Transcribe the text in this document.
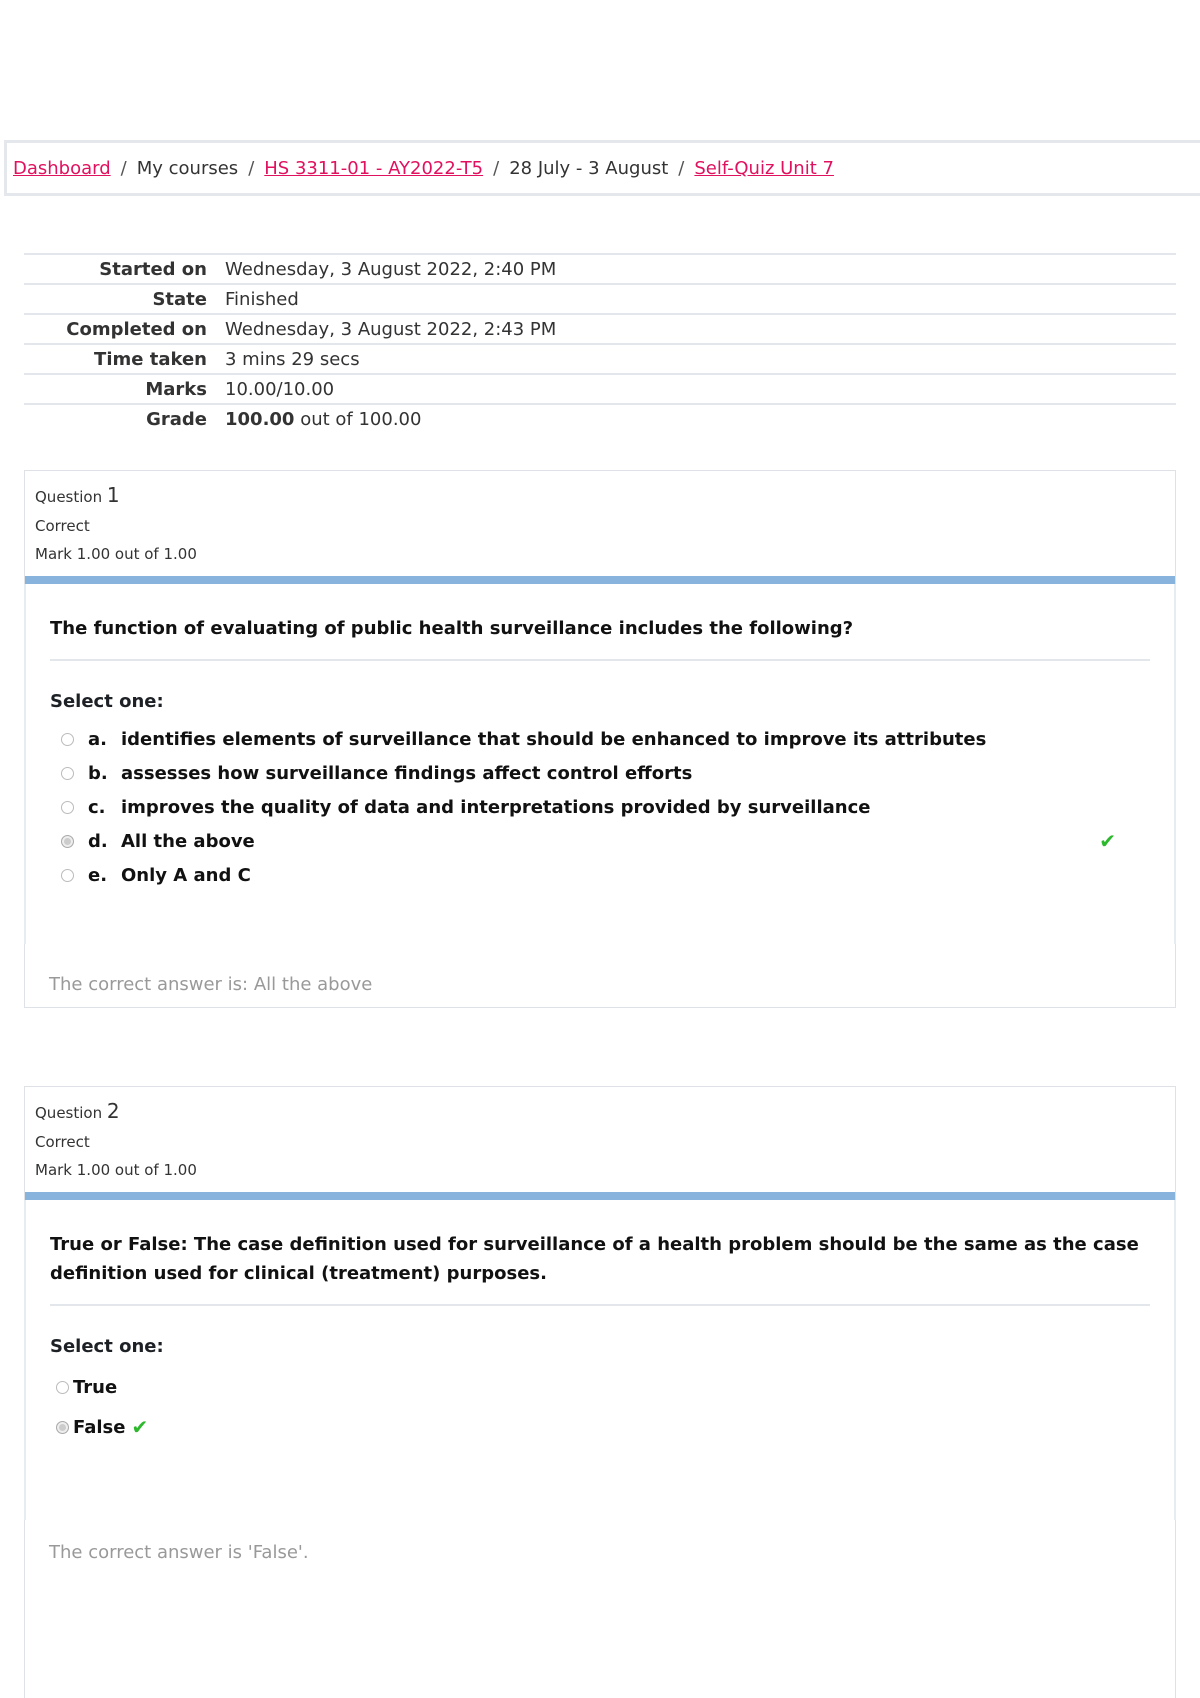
Dashboard / My courses / HS 3311-01 - AY2022-T5 / 28 July - 3 August / Self-Quiz Unit 7
Started on	Wednesday, 3 August 2022, 2:40 PM
State	Finished
Completed on	Wednesday, 3 August 2022, 2:43 PM
Time taken	3 mins 29 secs
Marks	10.00/10.00
Grade	100.00 out of 100.00
Question 1
Correct
Mark 1.00 out of 1.00
The function of evaluating of public health surveillance includes the following?
Select one:
a. identifies elements of surveillance that should be enhanced to improve its attributes
b. assesses how surveillance findings affect control efforts
c. improves the quality of data and interpretations provided by surveillance
d. All the above	✔
e. Only A and C
The correct answer is: All the above
Question 2
Correct
Mark 1.00 out of 1.00
True or False: The case definition used for surveillance of a health problem should be the same as the case definition used for clinical (treatment) purposes.
Select one:
True
False ✔
The correct answer is 'False'.
